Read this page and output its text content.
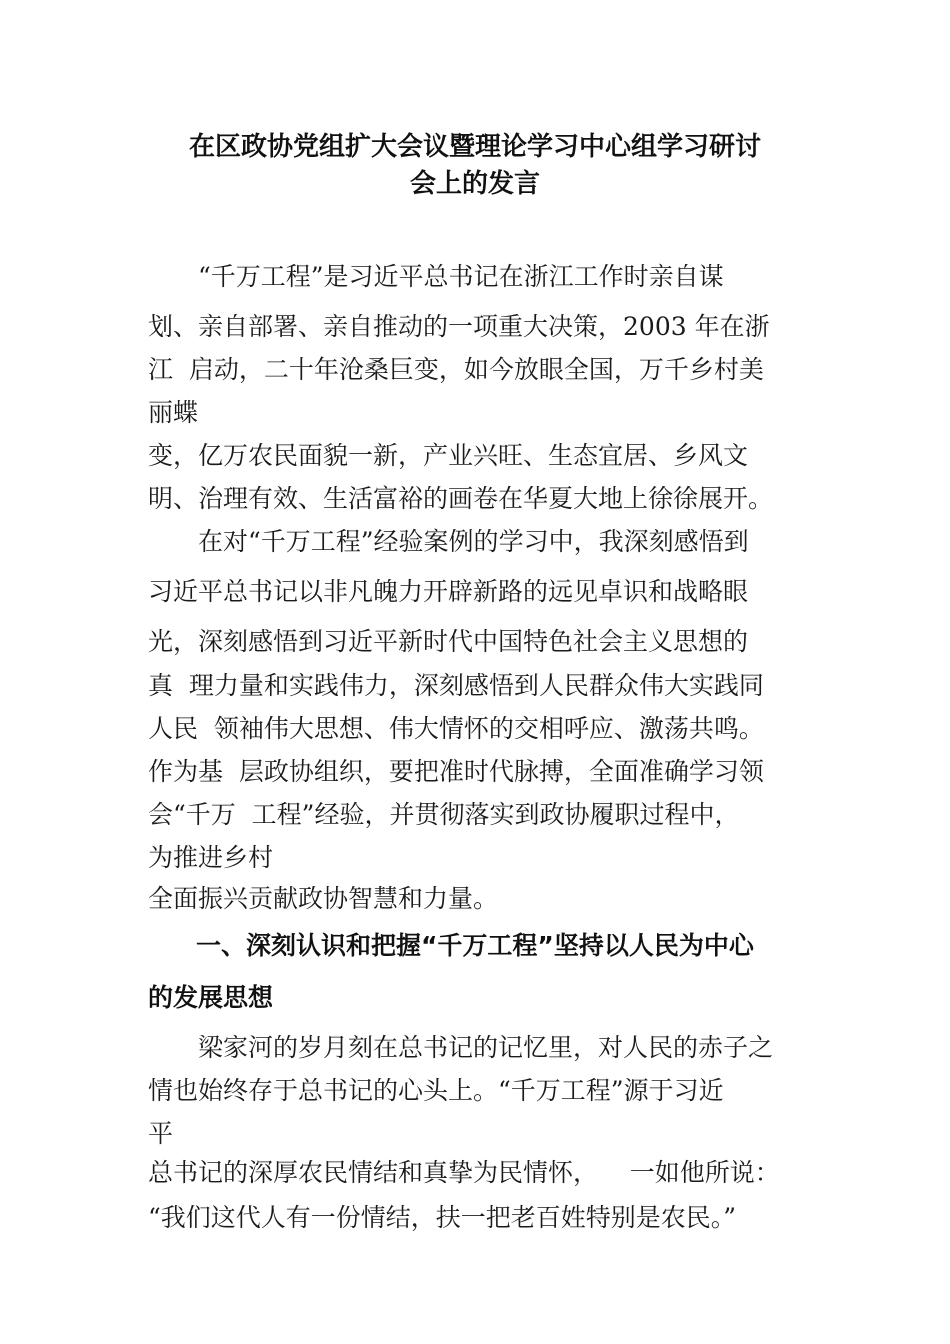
在区政协党组扩大会议暨理论学习中心组学习研讨
会上的发言
“千万工程”是习近平总书记在浙江工作时亲自谋
划、亲自部署、亲自推动的一项重大决策，2003 年在浙
江  启动，二十年沧桑巨变，如今放眼全国，万千乡村美
丽蝶
变，亿万农民面貌一新，产业兴旺、生态宜居、乡风文
明、治理有效、生活富裕的画卷在华夏大地上徐徐展开。
在对“千万工程”经验案例的学习中，我深刻感悟到
习近平总书记以非凡魄力开辟新路的远见卓识和战略眼
光，深刻感悟到习近平新时代中国特色社会主义思想的
真  理力量和实践伟力，深刻感悟到人民群众伟大实践同
人民  领袖伟大思想、伟大情怀的交相呼应、激荡共鸣。
作为基  层政协组织，要把准时代脉搏，全面准确学习领
会“千万  工程”经验，并贯彻落实到政协履职过程中，
为推进乡村
全面振兴贡献政协智慧和力量。
一、深刻认识和把握“千万工程”坚持以人民为中心
的发展思想
梁家河的岁月刻在总书记的记忆里，对人民的赤子之
情也始终存于总书记的心头上。“千万工程”源于习近
平
总书记的深厚农民情结和真挚为民情怀，    一如他所说：
“我们这代人有一份情结，扶一把老百姓特别是农民。”
